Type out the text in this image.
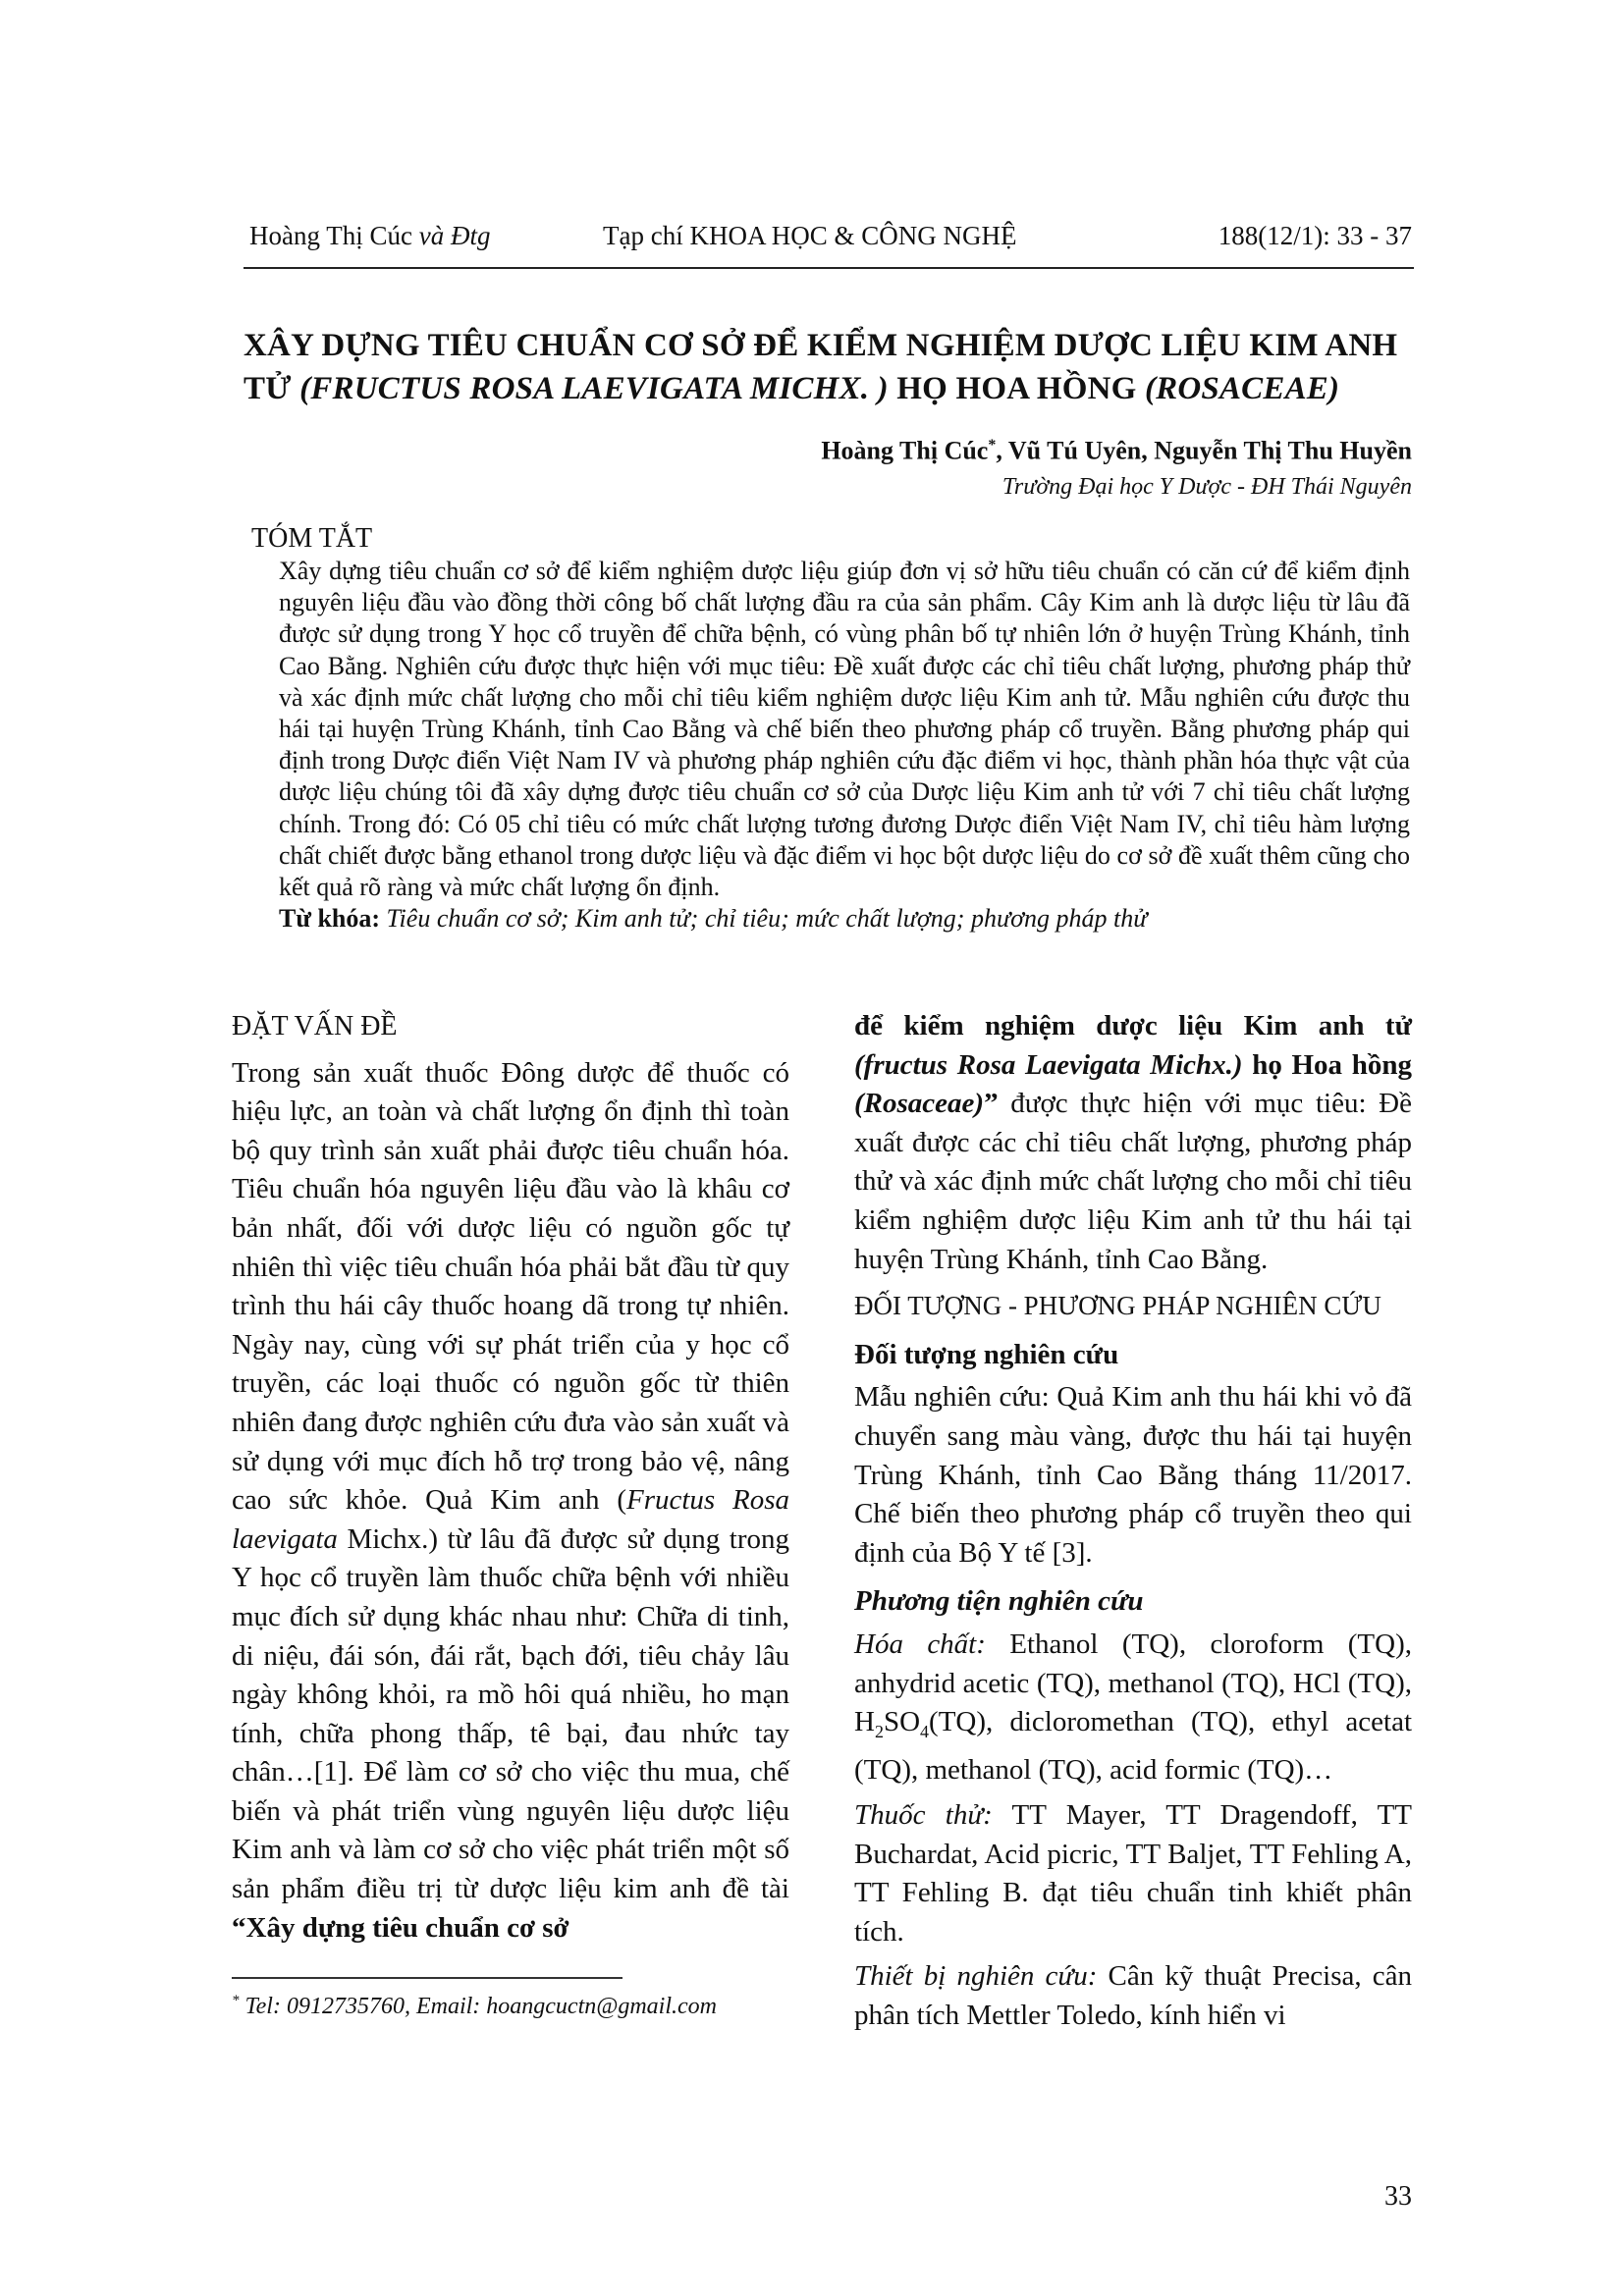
Hoàng Thị Cúc và Đtg	Tạp chí KHOA HỌC & CÔNG NGHỆ	188(12/1): 33 - 37
XÂY DỰNG TIÊU CHUẨN CƠ SỞ ĐỂ KIỂM NGHIỆM DƯỢC LIỆU KIM ANH TỬ (FRUCTUS ROSA LAEVIGATA MICHX. ) HỌ HOA HỒNG (ROSACEAE)
Hoàng Thị Cúc*, Vũ Tú Uyên, Nguyễn Thị Thu Huyền
Trường Đại học Y Dược - ĐH Thái Nguyên
TÓM TẮT
Xây dựng tiêu chuẩn cơ sở để kiểm nghiệm dược liệu giúp đơn vị sở hữu tiêu chuẩn có căn cứ để kiểm định nguyên liệu đầu vào đồng thời công bố chất lượng đầu ra của sản phẩm. Cây Kim anh là dược liệu từ lâu đã được sử dụng trong Y học cổ truyền để chữa bệnh, có vùng phân bố tự nhiên lớn ở huyện Trùng Khánh, tỉnh Cao Bằng. Nghiên cứu được thực hiện với mục tiêu: Đề xuất được các chỉ tiêu chất lượng, phương pháp thử và xác định mức chất lượng cho mỗi chỉ tiêu kiểm nghiệm dược liệu Kim anh tử. Mẫu nghiên cứu được thu hái tại huyện Trùng Khánh, tỉnh Cao Bằng và chế biến theo phương pháp cổ truyền. Bằng phương pháp qui định trong Dược điển Việt Nam IV và phương pháp nghiên cứu đặc điểm vi học, thành phần hóa thực vật của dược liệu chúng tôi đã xây dựng được tiêu chuẩn cơ sở của Dược liệu Kim anh tử với 7 chỉ tiêu chất lượng chính. Trong đó: Có 05 chỉ tiêu có mức chất lượng tương đương Dược điển Việt Nam IV, chỉ tiêu hàm lượng chất chiết được bằng ethanol trong dược liệu và đặc điểm vi học bột dược liệu do cơ sở đề xuất thêm cũng cho kết quả rõ ràng và mức chất lượng ổn định.
Từ khóa: Tiêu chuẩn cơ sở; Kim anh tử; chỉ tiêu; mức chất lượng; phương pháp thử
ĐẶT VẤN ĐỀ

Trong sản xuất thuốc Đông dược để thuốc có hiệu lực, an toàn và chất lượng ổn định thì toàn bộ quy trình sản xuất phải được tiêu chuẩn hóa. Tiêu chuẩn hóa nguyên liệu đầu vào là khâu cơ bản nhất, đối với dược liệu có nguồn gốc tự nhiên thì việc tiêu chuẩn hóa phải bắt đầu từ quy trình thu hái cây thuốc hoang dã trong tự nhiên. Ngày nay, cùng với sự phát triển của y học cổ truyền, các loại thuốc có nguồn gốc từ thiên nhiên đang được nghiên cứu đưa vào sản xuất và sử dụng với mục đích hỗ trợ trong bảo vệ, nâng cao sức khỏe. Quả Kim anh (Fructus Rosa laevigata Michx.) từ lâu đã được sử dụng trong Y học cổ truyền làm thuốc chữa bệnh với nhiều mục đích sử dụng khác nhau như: Chữa di tinh, di niệu, đái són, đái rắt, bạch đới, tiêu chảy lâu ngày không khỏi, ra mồ hôi quá nhiều, ho mạn tính, chữa phong thấp, tê bại, đau nhức tay chân…[1]. Để làm cơ sở cho việc thu mua, chế biến và phát triển vùng nguyên liệu dược liệu Kim anh và làm cơ sở cho việc phát triển một số sản phẩm điều trị từ dược liệu kim anh đề tài “Xây dựng tiêu chuẩn cơ sở

để kiểm nghiệm dược liệu Kim anh tử (fructus Rosa Laevigata Michx.) họ Hoa hồng (Rosaceae)” được thực hiện với mục tiêu: Đề xuất được các chỉ tiêu chất lượng, phương pháp thử và xác định mức chất lượng cho mỗi chỉ tiêu kiểm nghiệm dược liệu Kim anh tử thu hái tại huyện Trùng Khánh, tỉnh Cao Bằng.

ĐỐI TƯỢNG - PHƯƠNG PHÁP NGHIÊN CỨU
Đối tượng nghiên cứu

Mẫu nghiên cứu: Quả Kim anh thu hái khi vỏ đã chuyển sang màu vàng, được thu hái tại huyện Trùng Khánh, tỉnh Cao Bằng tháng 11/2017. Chế biến theo phương pháp cổ truyền theo qui định của Bộ Y tế [3].

Phương tiện nghiên cứu

Hóa chất: Ethanol (TQ), cloroform (TQ), anhydrid acetic (TQ), methanol (TQ), HCl (TQ), $H_2SO_4(TQ)$, dicloromethan (TQ), ethyl acetat (TQ), methanol (TQ), acid formic (TQ)…

Thuốc thử: TT Mayer, TT Dragendoff, TT Buchardat, Acid picric, TT Baljet, TT Fehling A, TT Fehling B. đạt tiêu chuẩn tinh khiết phân tích.

Thiết bị nghiên cứu: Cân kỹ thuật Precisa, cân phân tích Mettler Toledo, kính hiển vi

* Tel: 0912735760, Email: hoangcuctn@gmail.com
33
